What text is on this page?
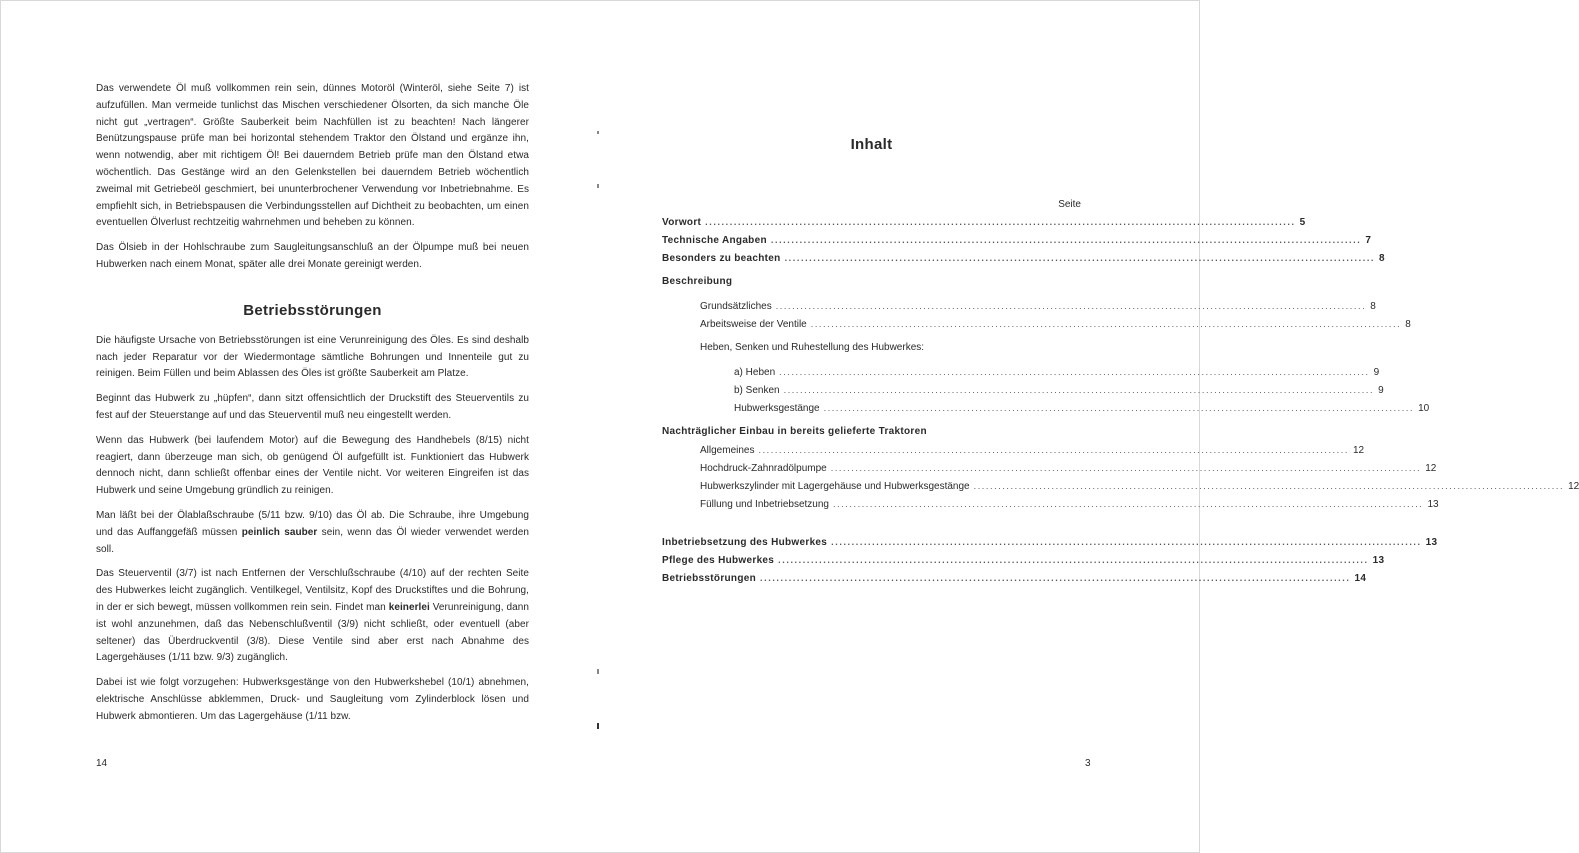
Das verwendete Öl muß vollkommen rein sein, dünnes Motoröl (Winteröl, siehe Seite 7) ist aufzufüllen. Man vermeide tunlichst das Mischen verschiedener Ölsorten, da sich manche Öle nicht gut „vertragen“. Größte Sauberkeit beim Nachfüllen ist zu beachten! Nach längerer Benützungspause prüfe man bei horizontal stehendem Traktor den Ölstand und ergänze ihn, wenn notwendig, aber mit richtigem Öl! Bei dauerndem Betrieb prüfe man den Ölstand etwa wöchentlich. Das Gestänge wird an den Gelenkstellen bei dauerndem Betrieb wöchentlich zweimal mit Getriebeöl geschmiert, bei ununterbrochener Verwendung vor Inbetriebnahme. Es empfiehlt sich, in Betriebspausen die Verbindungsstellen auf Dichtheit zu beobachten, um einen eventuellen Ölverlust rechtzeitig wahrnehmen und beheben zu können.

Das Ölsieb in der Hohlschraube zum Saugleitungsanschluß an der Ölpumpe muß bei neuen Hubwerken nach einem Monat, später alle drei Monate gereinigt werden.

Betriebsstörungen

Die häufigste Ursache von Betriebsstörungen ist eine Verunreinigung des Öles. Es sind deshalb nach jeder Reparatur vor der Wiedermontage sämtliche Bohrungen und Innenteile gut zu reinigen. Beim Füllen und beim Ablassen des Öles ist größte Sauberkeit am Platze.

Beginnt das Hubwerk zu „hüpfen“, dann sitzt offensichtlich der Druckstift des Steuerventils zu fest auf der Steuerstange auf und das Steuerventil muß neu eingestellt werden.

Wenn das Hubwerk (bei laufendem Motor) auf die Bewegung des Handhebels (8/15) nicht reagiert, dann überzeuge man sich, ob genügend Öl aufgefüllt ist. Funktioniert das Hubwerk dennoch nicht, dann schließt offenbar eines der Ventile nicht. Vor weiteren Eingreifen ist das Hubwerk und seine Umgebung gründlich zu reinigen.

Man läßt bei der Ölablaßschraube (5/11 bzw. 9/10) das Öl ab. Die Schraube, ihre Umgebung und das Auffanggefäß müssen peinlich sauber sein, wenn das Öl wieder verwendet werden soll.

Das Steuerventil (3/7) ist nach Entfernen der Verschlußschraube (4/10) auf der rechten Seite des Hubwerkes leicht zugänglich. Ventilkegel, Ventilsitz, Kopf des Druckstiftes und die Bohrung, in der er sich bewegt, müssen vollkommen rein sein. Findet man keinerlei Verunreinigung, dann ist wohl anzunehmen, daß das Nebenschlußventil (3/9) nicht schließt, oder eventuell (aber seltener) das Überdruckventil (3/8). Diese Ventile sind aber erst nach Abnahme des Lagergehäuses (1/11 bzw. 9/3) zugänglich.

Dabei ist wie folgt vorzugehen: Hubwerksgestänge von den Hubwerkshebel (10/1) abnehmen, elektrische Anschlüsse abklemmen, Druck- und Saugleitung vom Zylinderblock lösen und Hubwerk abmontieren. Um das Lagergehäuse (1/11 bzw.

14
Inhalt
Seite
Vorwort ................................................................................................................................................ 5
Technische Angaben ................................................................................................................................................ 7
Besonders zu beachten ................................................................................................................................................ 8
Beschreibung
Grundsätzliches ................................................................................................................................................ 8
Arbeitsweise der Ventile ................................................................................................................................................ 8
Heben, Senken und Ruhestellung des Hubwerkes:
a) Heben ................................................................................................................................................ 9
b) Senken ................................................................................................................................................ 9
Hubwerksgestänge ................................................................................................................................................ 10
Nachträglicher Einbau in bereits gelieferte Traktoren
Allgemeines ................................................................................................................................................ 12
Hochdruck-Zahnradölpumpe ................................................................................................................................................ 12
Hubwerkszylinder mit Lagergehäuse und Hubwerksgestänge ................................................................................................................................................ 12
Füllung und Inbetriebsetzung ................................................................................................................................................ 13
Inbetriebsetzung des Hubwerkes ................................................................................................................................................ 13
Pflege des Hubwerkes ................................................................................................................................................ 13
Betriebsstörungen ................................................................................................................................................ 14
3
